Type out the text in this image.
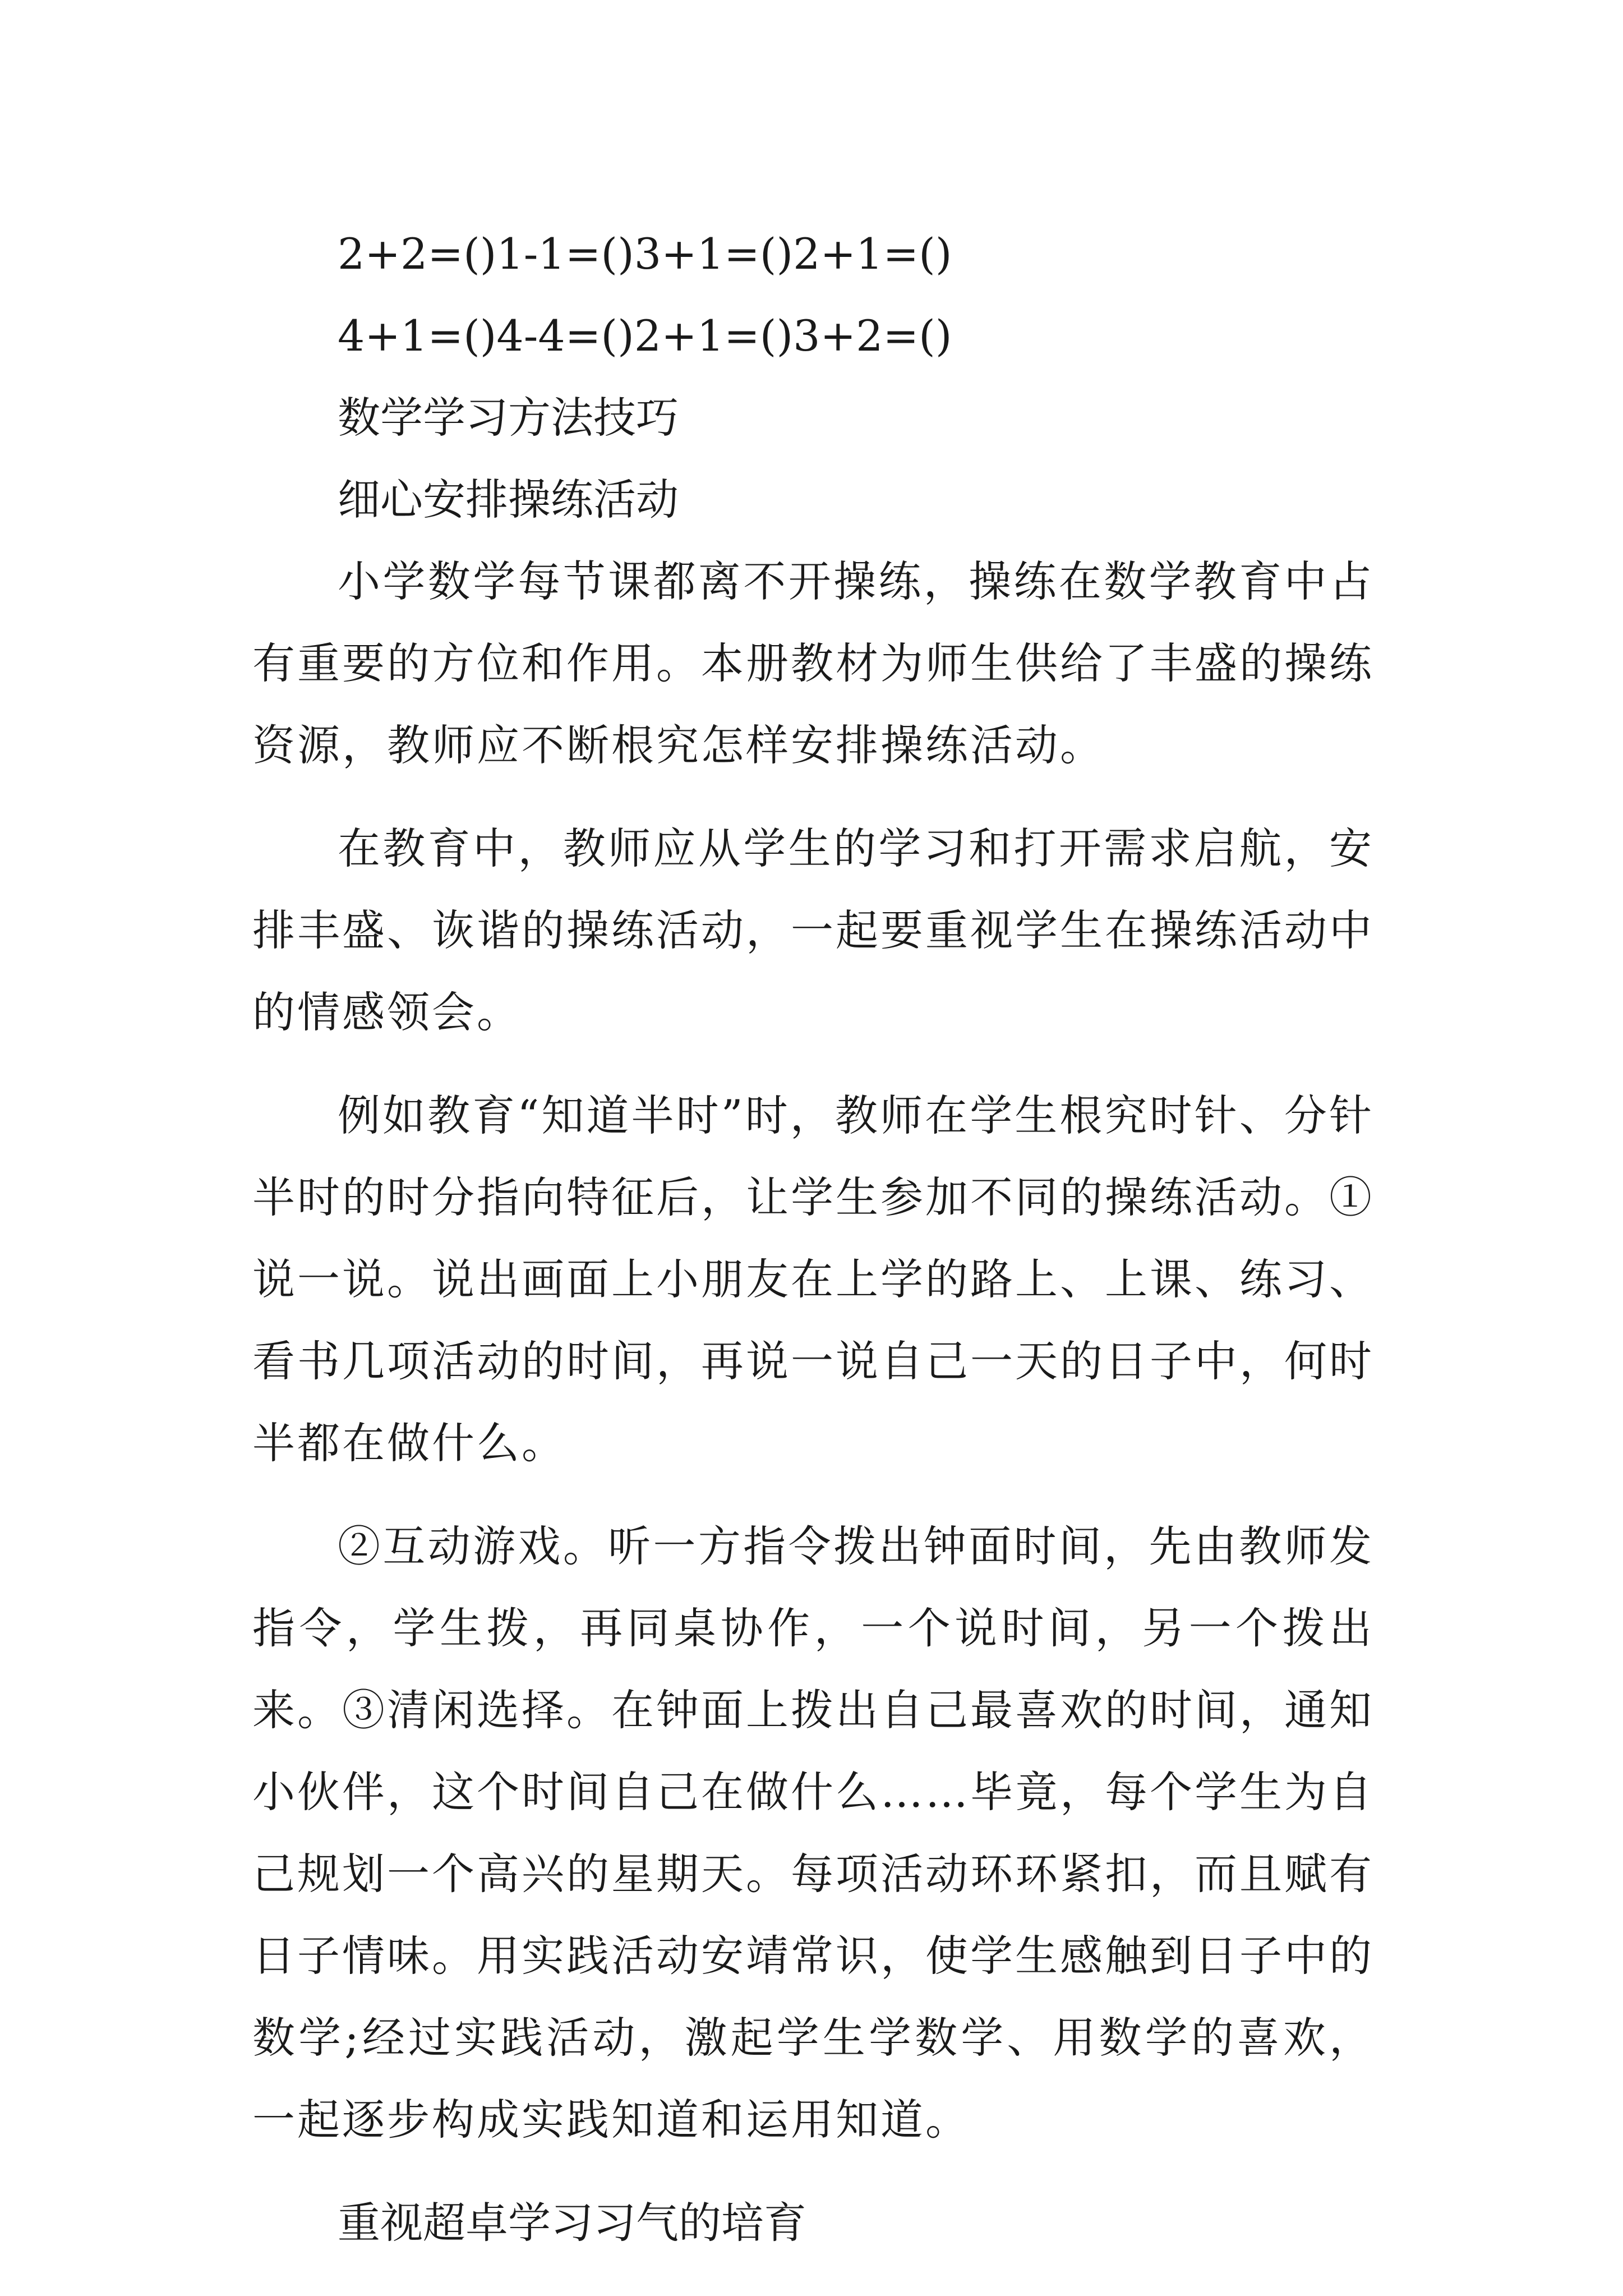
2+2=()1-1=()3+1=()2+1=()
4+1=()4-4=()2+1=()3+2=()
数学学习方法技巧
细心安排操练活动

小学数学每节课都离不开操练，操练在数学教育中占有重要的方位和作用。本册教材为师生供给了丰盛的操练资源，教师应不断根究怎样安排操练活动。

在教育中，教师应从学生的学习和打开需求启航，安排丰盛、诙谐的操练活动，一起要重视学生在操练活动中的情感领会。

例如教育“知道半时”时，教师在学生根究时针、分针半时的时分指向特征后，让学生参加不同的操练活动。①说一说。说出画面上小朋友在上学的路上、上课、练习、看书几项活动的时间，再说一说自己一天的日子中，何时半都在做什么。

②互动游戏。听一方指令拨出钟面时间，先由教师发指令，学生拨，再同桌协作，一个说时间，另一个拨出来。③清闲选择。在钟面上拨出自己最喜欢的时间，通知小伙伴，这个时间自己在做什么……毕竟，每个学生为自己规划一个高兴的星期天。每项活动环环紧扣，而且赋有日子情味。用实践活动安靖常识，使学生感触到日子中的数学;经过实践活动，激起学生学数学、用数学的喜欢，一起逐步构成实践知道和运用知道。

重视超卓学习习气的培育
